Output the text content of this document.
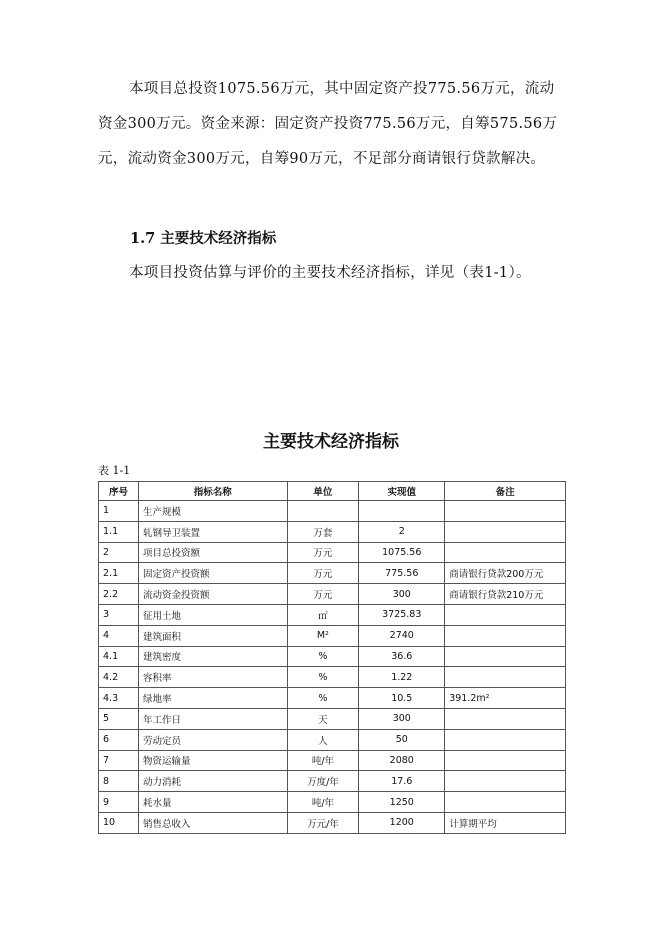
本项目总投资1075.56万元，其中固定资产投775.56万元，流动资金300万元。资金来源：固定资产投资775.56万元，自筹575.56万元，流动资金300万元，自筹90万元，不足部分商请银行贷款解决。

1.7 主要技术经济指标

本项目投资估算与评价的主要技术经济指标，详见（表1-1）。

主要技术经济指标

表 1-1

序号	指标名称	单位	实现值	备注
1	生产规模			
1.1	轧钢导卫装置	万套	2	
2	项目总投资额	万元	1075.56	
2.1	固定资产投资额	万元	775.56	商请银行贷款200万元
2.2	流动资金投资额	万元	300	商请银行贷款210万元
3	征用土地	㎡	3725.83	
4	建筑面积	M²	2740	
4.1	建筑密度	%	36.6	
4.2	容积率	%	1.22	
4.3	绿地率	%	10.5	391.2m²
5	年工作日	天	300	
6	劳动定员	人	50	
7	物资运输量	吨/年	2080	
8	动力消耗	万度/年	17.6	
9	耗水量	吨/年	1250	
10	销售总收入	万元/年	1200	计算期平均
